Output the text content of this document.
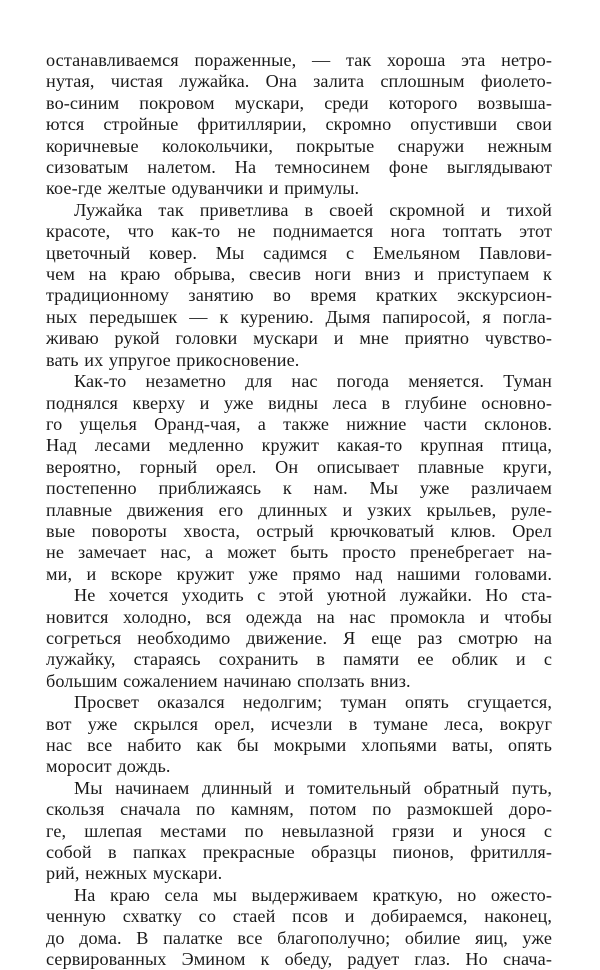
останавливаемся пораженные, — так хороша эта нетро-
нутая, чистая лужайка. Она залита сплошным фиолето-
во-синим покровом мускари, среди которого возвыша-
ются стройные фритиллярии, скромно опустивши свои
коричневые колокольчики, покрытые снаружи нежным
сизоватым налетом. На темносинем фоне выглядывают
кое-где желтые одуванчики и примулы.
Лужайка так приветлива в своей скромной и тихой
красоте, что как-то не поднимается нога топтать этот
цветочный ковер. Мы садимся с Емельяном Павлови-
чем на краю обрыва, свесив ноги вниз и приступаем к
традиционному занятию во время кратких экскурсион-
ных передышек — к курению. Дымя папиросой, я погла-
живаю рукой головки мускари и мне приятно чувство-
вать их упругое прикосновение.
Как-то незаметно для нас погода меняется. Туман
поднялся кверху и уже видны леса в глубине основно-
го ущелья Оранд-чая, а также нижние части склонов.
Над лесами медленно кружит какая-то крупная птица,
вероятно, горный орел. Он описывает плавные круги,
постепенно приближаясь к нам. Мы уже различаем
плавные движения его длинных и узких крыльев, руле-
вые повороты хвоста, острый крючковатый клюв. Орел
не замечает нас, а может быть просто пренебрегает на-
ми, и вскоре кружит уже прямо над нашими головами.
Не хочется уходить с этой уютной лужайки. Но ста-
новится холодно, вся одежда на нас промокла и чтобы
согреться необходимо движение. Я еще раз смотрю на
лужайку, стараясь сохранить в памяти ее облик и с
большим сожалением начинаю сползать вниз.
Просвет оказался недолгим; туман опять сгущается,
вот уже скрылся орел, исчезли в тумане леса, вокруг
нас все набито как бы мокрыми хлопьями ваты, опять
моросит дождь.
Мы начинаем длинный и томительный обратный путь,
скользя сначала по камням, потом по размокшей доро-
ге, шлепая местами по невылазной грязи и унося с
собой в папках прекрасные образцы пионов, фритилля-
рий, нежных мускари.
На краю села мы выдерживаем краткую, но ожесто-
ченную схватку со стаей псов и добираемся, наконец,
до дома. В палатке все благополучно; обилие яиц, уже
сервированных Эмином к обеду, радует глаз. Но снача-
